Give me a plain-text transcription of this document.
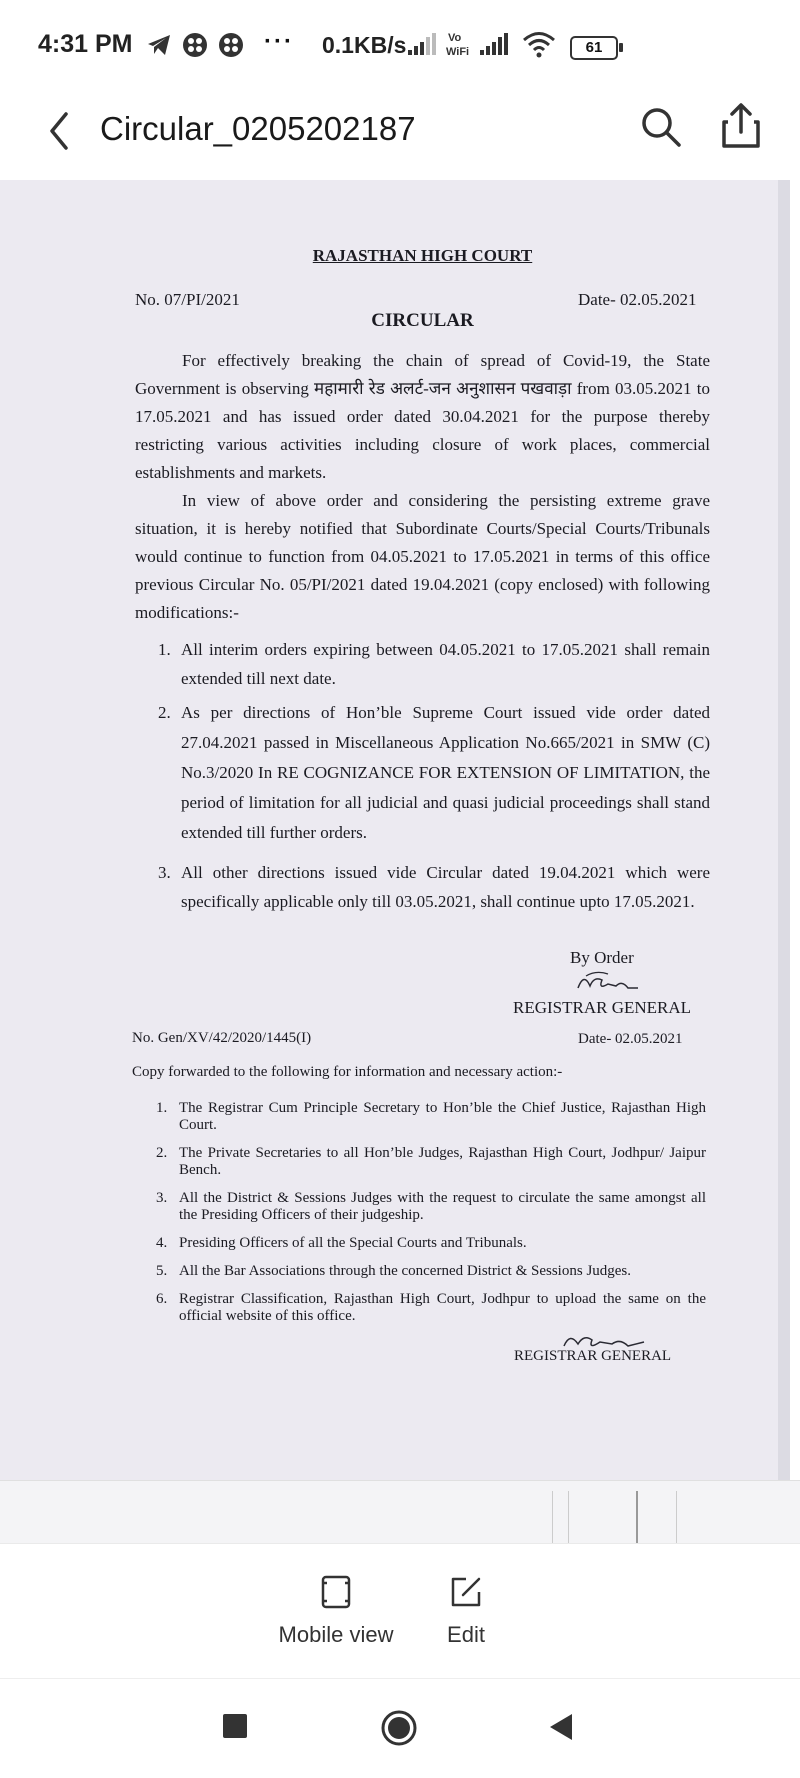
4:31 PM	··· 0.1KB/s	Vo
WiFi	61
Circular_0205202187
RAJASTHAN HIGH COURT
No. 07/PI/2021	Date- 02.05.2021
CIRCULAR
For effectively breaking the chain of spread of Covid-19, the State Government is observing महामारी रेड अलर्ट-जन अनुशासन पखवाड़ा from 03.05.2021 to 17.05.2021 and has issued order dated 30.04.2021 for the purpose thereby restricting various activities including closure of work places, commercial establishments and markets.
In view of above order and considering the persisting extreme grave situation, it is hereby notified that Subordinate Courts/Special Courts/Tribunals would continue to function from 04.05.2021 to 17.05.2021 in terms of this office previous Circular No. 05/PI/2021 dated 19.04.2021 (copy enclosed) with following modifications:-
1. All interim orders expiring between 04.05.2021 to 17.05.2021 shall remain extended till next date.
2. As per directions of Hon’ble Supreme Court issued vide order dated 27.04.2021 passed in Miscellaneous Application No.665/2021 in SMW (C) No.3/2020 In RE COGNIZANCE FOR EXTENSION OF LIMITATION, the period of limitation for all judicial and quasi judicial proceedings shall stand extended till further orders.
3. All other directions issued vide Circular dated 19.04.2021 which were specifically applicable only till 03.05.2021, shall continue upto 17.05.2021.
By Order
REGISTRAR GENERAL
No. Gen/XV/42/2020/1445(I)	Date- 02.05.2021
Copy forwarded to the following for information and necessary action:-
1. The Registrar Cum Principle Secretary to Hon’ble the Chief Justice, Rajasthan High Court.
2. The Private Secretaries to all Hon’ble Judges, Rajasthan High Court, Jodhpur/ Jaipur Bench.
3. All the District & Sessions Judges with the request to circulate the same amongst all the Presiding Officers of their judgeship.
4. Presiding Officers of all the Special Courts and Tribunals.
5. All the Bar Associations through the concerned District & Sessions Judges.
6. Registrar Classification, Rajasthan High Court, Jodhpur to upload the same on the official website of this office.
REGISTRAR GENERAL
Mobile view	Edit
